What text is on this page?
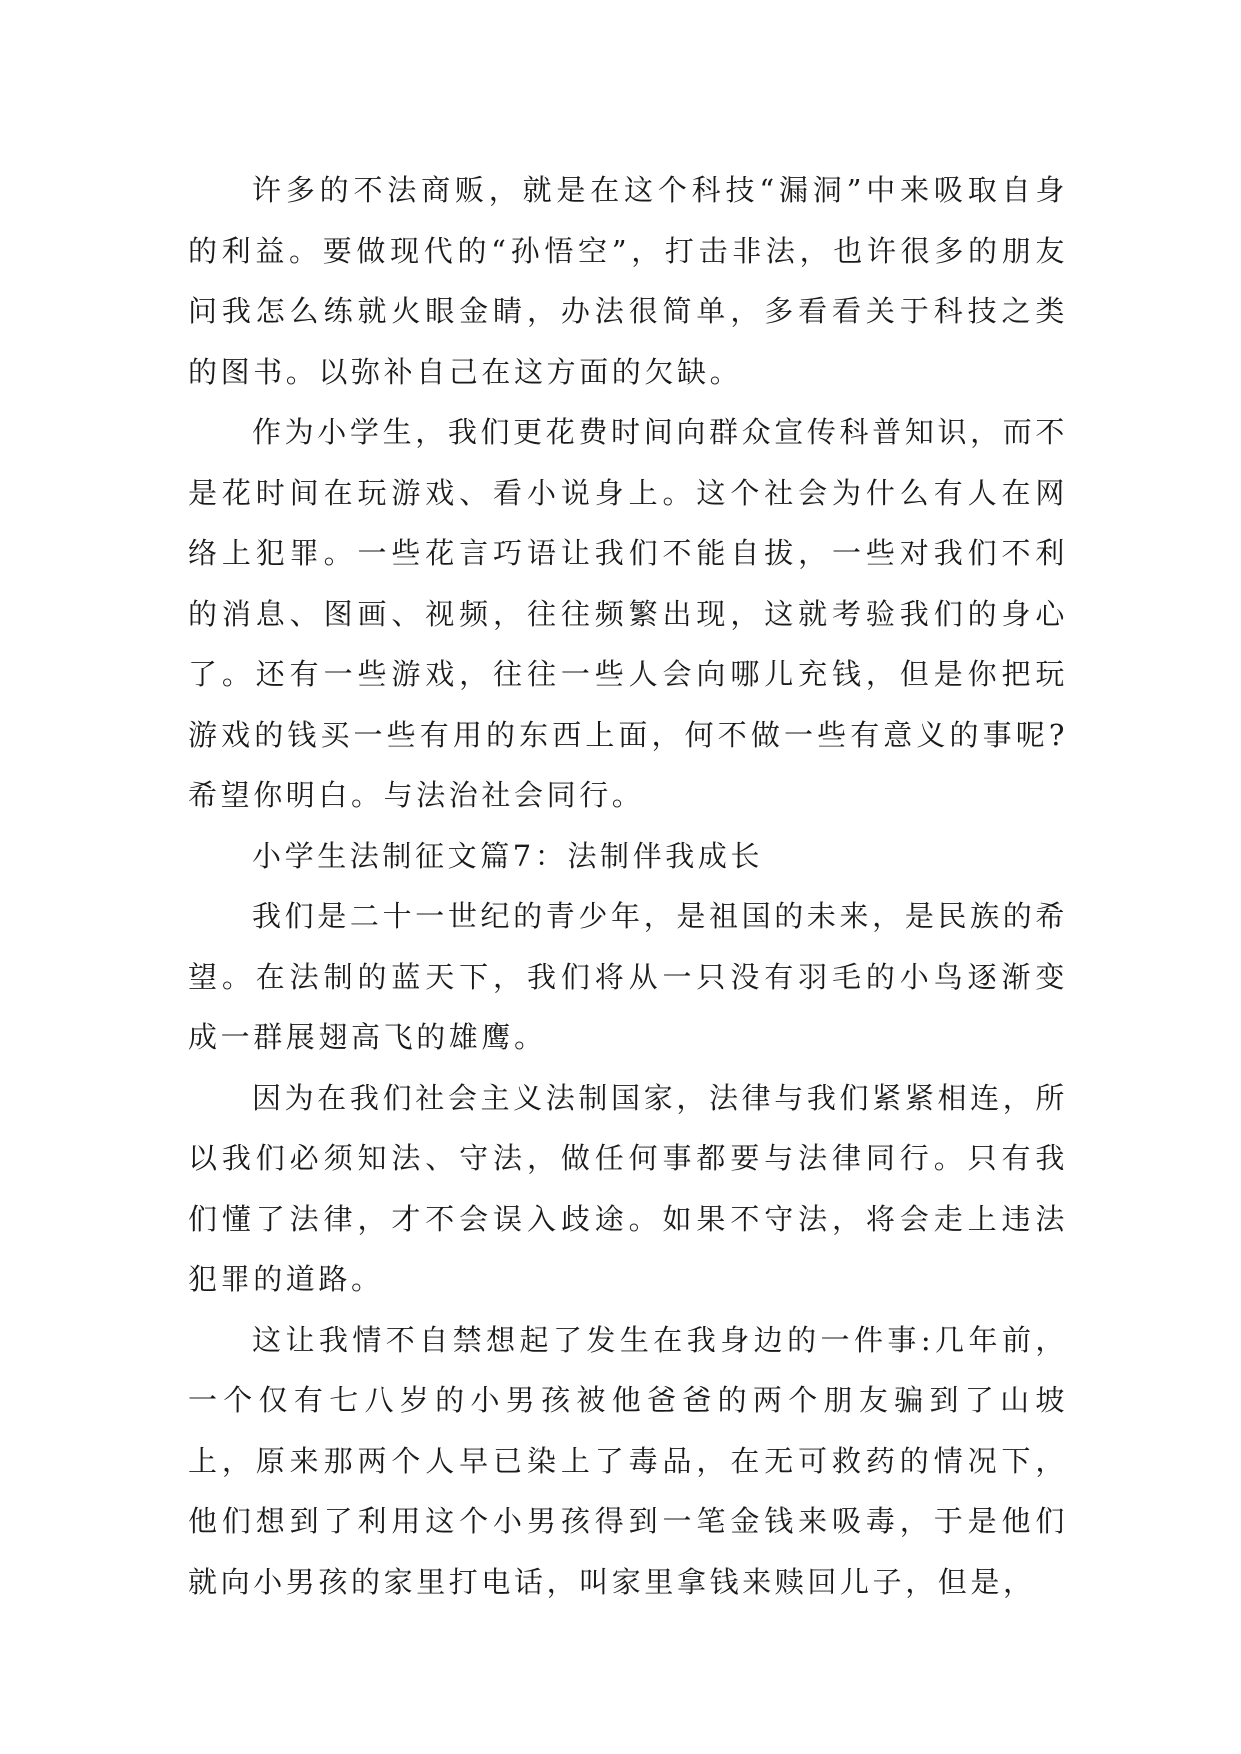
许多的不法商贩，就是在这个科技“漏洞”中来吸取自身的利益。要做现代的“孙悟空”，打击非法，也许很多的朋友问我怎么练就火眼金睛，办法很简单，多看看关于科技之类的图书。以弥补自己在这方面的欠缺。

作为小学生，我们更花费时间向群众宣传科普知识，而不是花时间在玩游戏、看小说身上。这个社会为什么有人在网络上犯罪。一些花言巧语让我们不能自拔，一些对我们不利的消息、图画、视频，往往频繁出现，这就考验我们的身心了。还有一些游戏，往往一些人会向哪儿充钱，但是你把玩游戏的钱买一些有用的东西上面，何不做一些有意义的事呢?希望你明白。与法治社会同行。

小学生法制征文篇7：法制伴我成长

我们是二十一世纪的青少年，是祖国的未来，是民族的希望。在法制的蓝天下，我们将从一只没有羽毛的小鸟逐渐变成一群展翅高飞的雄鹰。

因为在我们社会主义法制国家，法律与我们紧紧相连，所以我们必须知法、守法，做任何事都要与法律同行。只有我们懂了法律，才不会误入歧途。如果不守法，将会走上违法犯罪的道路。

这让我情不自禁想起了发生在我身边的一件事:几年前，一个仅有七八岁的小男孩被他爸爸的两个朋友骗到了山坡上，原来那两个人早已染上了毒品，在无可救药的情况下，他们想到了利用这个小男孩得到一笔金钱来吸毒，于是他们就向小男孩的家里打电话，叫家里拿钱来赎回儿子，但是，
